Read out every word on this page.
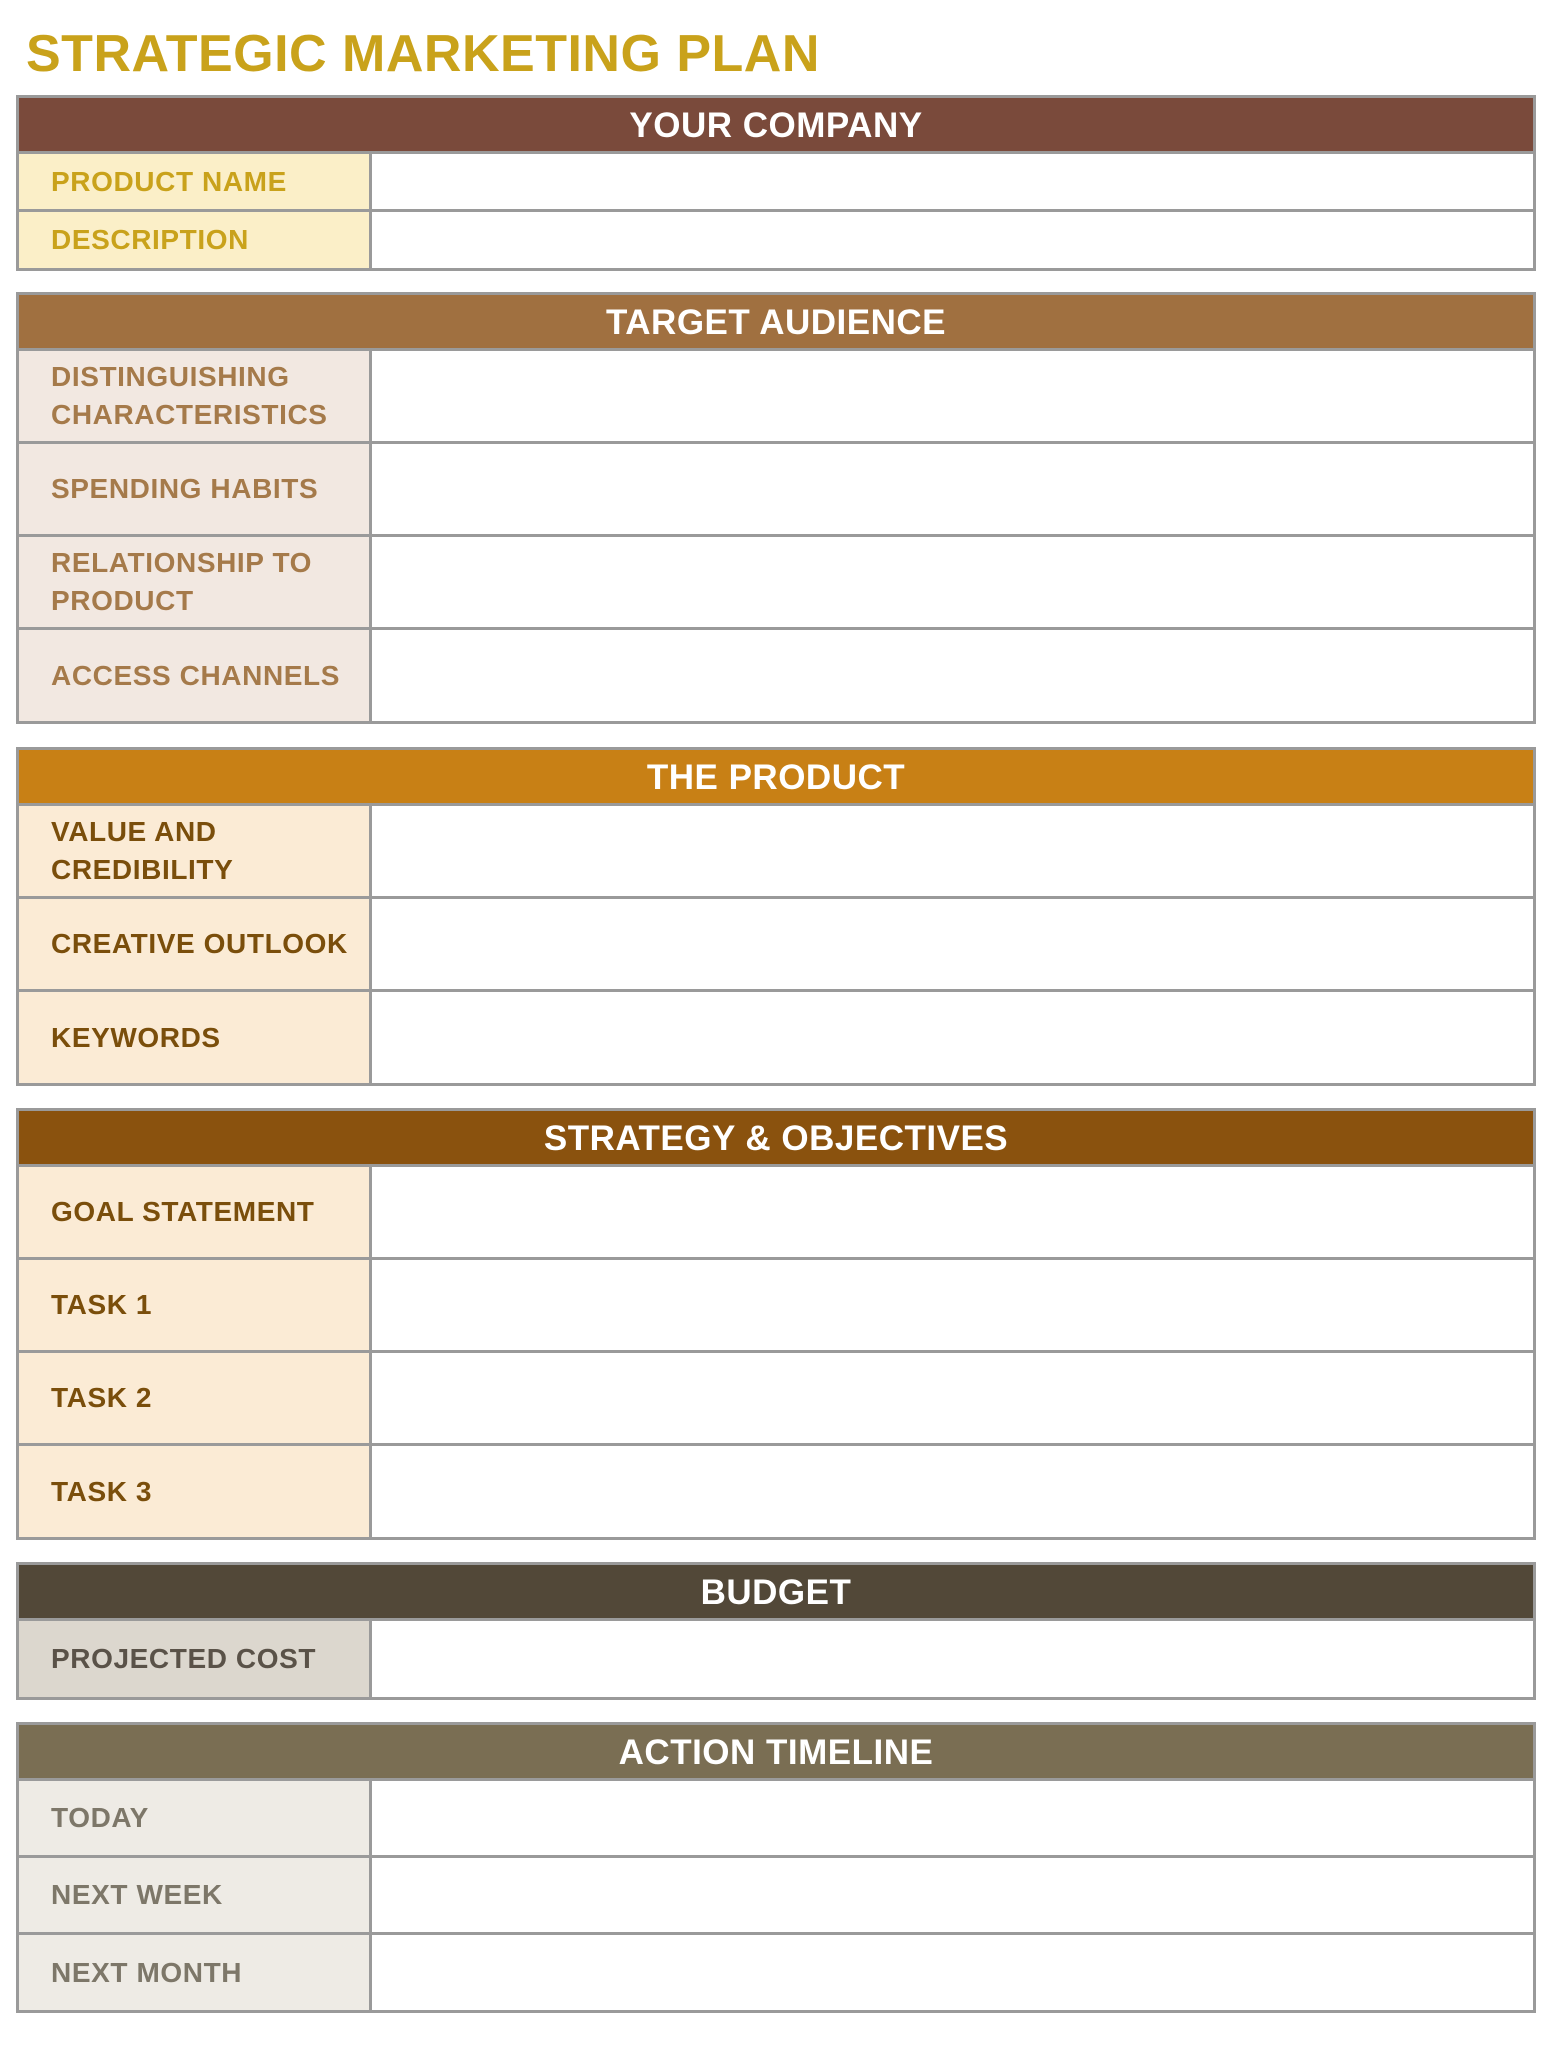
STRATEGIC MARKETING PLAN
YOUR COMPANY
PRODUCT NAME
DESCRIPTION
TARGET AUDIENCE
DISTINGUISHING CHARACTERISTICS
SPENDING HABITS
RELATIONSHIP TO PRODUCT
ACCESS CHANNELS
THE PRODUCT
VALUE AND CREDIBILITY
CREATIVE OUTLOOK
KEYWORDS
STRATEGY & OBJECTIVES
GOAL STATEMENT
TASK 1
TASK 2
TASK 3
BUDGET
PROJECTED COST
ACTION TIMELINE
TODAY
NEXT WEEK
NEXT MONTH
